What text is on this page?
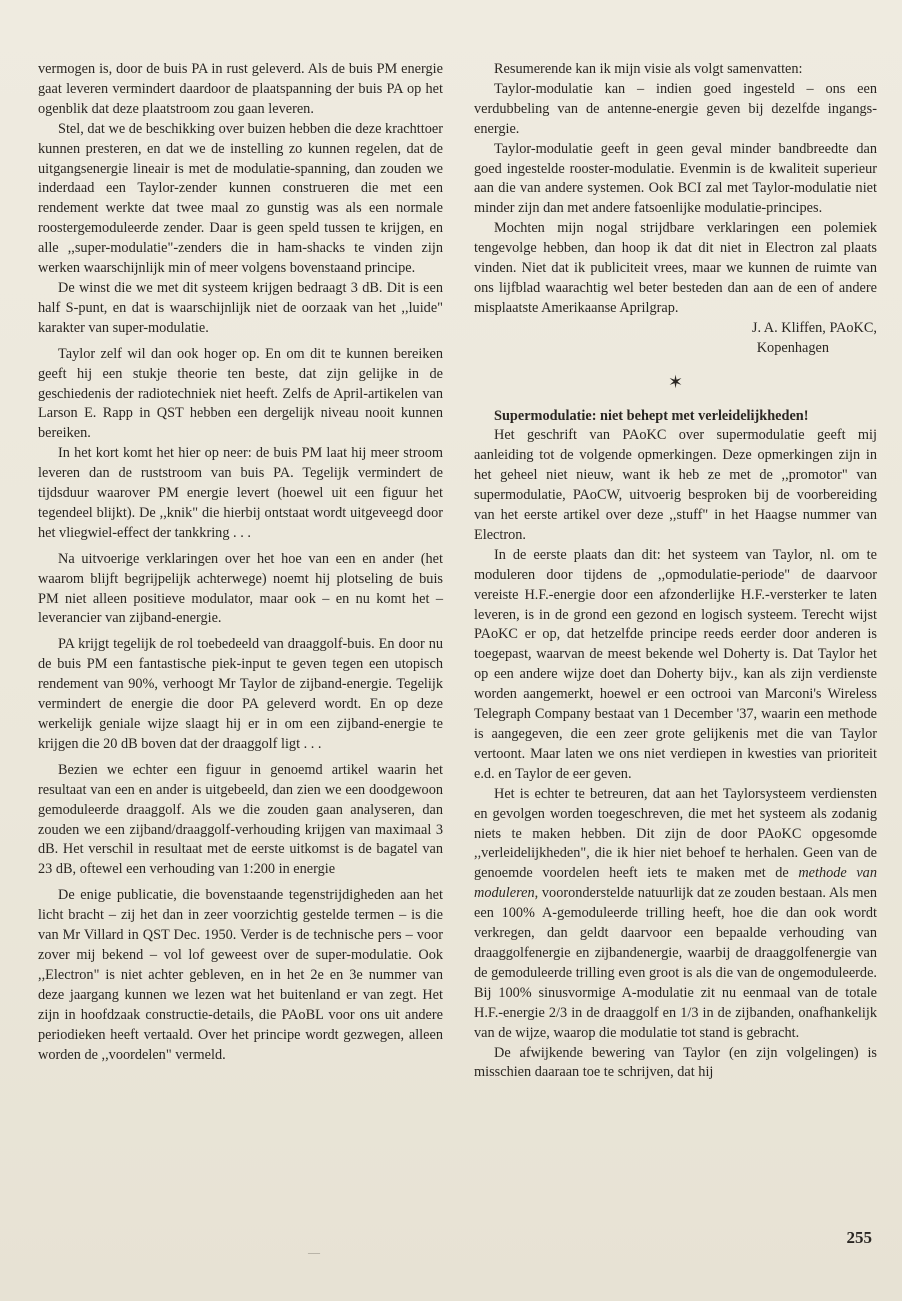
vermogen is, door de buis PA in rust geleverd. Als de buis PM energie gaat leveren vermindert daardoor de plaatspanning der buis PA op het ogenblik dat deze plaatstroom zou gaan leveren.

Stel, dat we de beschikking over buizen hebben die deze krachttoer kunnen presteren, en dat we de instelling zo kunnen regelen, dat de uitgangsenergie lineair is met de modulatie-spanning, dan zouden we inderdaad een Taylor-zender kunnen construeren die met een rendement werkte dat twee maal zo gunstig was als een normale roostergemoduleerde zender. Daar is geen speld tussen te krijgen, en alle ,,super-modulatie"-zenders die in ham-shacks te vinden zijn werken waarschijnlijk min of meer volgens bovenstaand principe.

De winst die we met dit systeem krijgen bedraagt 3 dB. Dit is een half S-punt, en dat is waarschijnlijk niet de oorzaak van het ,,luide" karakter van super-modulatie.

Taylor zelf wil dan ook hoger op. En om dit te kunnen bereiken geeft hij een stukje theorie ten beste, dat zijn gelijke in de geschiedenis der radiotechniek niet heeft. Zelfs de April-artikelen van Larson E. Rapp in QST hebben een dergelijk niveau nooit kunnen bereiken.

In het kort komt het hier op neer: de buis PM laat hij meer stroom leveren dan de ruststroom van buis PA. Tegelijk vermindert de tijdsduur waarover PM energie levert (hoewel uit een figuur het tegendeel blijkt). De ,,knik" die hierbij ontstaat wordt uitgeveegd door het vliegwiel-effect der tankkring . . .

Na uitvoerige verklaringen over het hoe van een en ander (het waarom blijft begrijpelijk achterwege) noemt hij plotseling de buis PM niet alleen positieve modulator, maar ook – en nu komt het – leverancier van zijband-energie.

PA krijgt tegelijk de rol toebedeeld van draaggolf-buis. En door nu de buis PM een fantastische piek-input te geven tegen een utopisch rendement van 90%, verhoogt Mr Taylor de zijband-energie. Tegelijk vermindert de energie die door PA geleverd wordt. En op deze werkelijk geniale wijze slaagt hij er in om een zijband-energie te krijgen die 20 dB boven dat der draaggolf ligt . . .

Bezien we echter een figuur in genoemd artikel waarin het resultaat van een en ander is uitgebeeld, dan zien we een doodgewoon gemoduleerde draaggolf. Als we die zouden gaan analyseren, dan zouden we een zijband/draaggolf-verhouding krijgen van maximaal 3 dB. Het verschil in resultaat met de eerste uitkomst is de bagatel van 23 dB, oftewel een verhouding van 1:200 in energie

De enige publicatie, die bovenstaande tegenstrijdigheden aan het licht bracht – zij het dan in zeer voorzichtig gestelde termen – is die van Mr Villard in QST Dec. 1950. Verder is de technische pers – voor zover mij bekend – vol lof geweest over de super-modulatie. Ook ,,Electron" is niet achter gebleven, en in het 2e en 3e nummer van deze jaargang kunnen we lezen wat het buitenland er van zegt. Het zijn in hoofdzaak constructie-details, die PAoBL voor ons uit andere periodieken heeft vertaald. Over het principe wordt gezwegen, alleen worden de ,,voordelen" vermeld.

Resumerende kan ik mijn visie als volgt samenvatten:

Taylor-modulatie kan – indien goed ingesteld – ons een verdubbeling van de antenne-energie geven bij dezelfde ingangs-energie.

Taylor-modulatie geeft in geen geval minder bandbreedte dan goed ingestelde rooster-modulatie. Evenmin is de kwaliteit superieur aan die van andere systemen. Ook BCI zal met Taylor-modulatie niet minder zijn dan met andere fatsoenlijke modulatie-principes.

Mochten mijn nogal strijdbare verklaringen een polemiek tengevolge hebben, dan hoop ik dat dit niet in Electron zal plaats vinden. Niet dat ik publiciteit vrees, maar we kunnen de ruimte van ons lijfblad waarachtig wel beter besteden dan aan de een of andere misplaatste Amerikaanse Aprilgrap.

J. A. Kliffen, PAoKC,

Kopenhagen

✶

Supermodulatie: niet behept met verleidelijkheden!

Het geschrift van PAoKC over supermodulatie geeft mij aanleiding tot de volgende opmerkingen. Deze opmerkingen zijn in het geheel niet nieuw, want ik heb ze met de ,,promotor" van supermodulatie, PAoCW, uitvoerig besproken bij de voorbereiding van het eerste artikel over deze ,,stuff" in het Haagse nummer van Electron.

In de eerste plaats dan dit: het systeem van Taylor, nl. om te moduleren door tijdens de ,,opmodulatie-periode" de daarvoor vereiste H.F.-energie door een afzonderlijke H.F.-versterker te laten leveren, is in de grond een gezond en logisch systeem. Terecht wijst PAoKC er op, dat hetzelfde principe reeds eerder door anderen is toegepast, waarvan de meest bekende wel Doherty is. Dat Taylor het op een andere wijze doet dan Doherty bijv., kan als zijn verdienste worden aangemerkt, hoewel er een octrooi van Marconi's Wireless Telegraph Company bestaat van 1 December '37, waarin een methode is aangegeven, die een zeer grote gelijkenis met die van Taylor vertoont. Maar laten we ons niet verdiepen in kwesties van prioriteit e.d. en Taylor de eer geven.

Het is echter te betreuren, dat aan het Taylorsysteem verdiensten en gevolgen worden toegeschreven, die met het systeem als zodanig niets te maken hebben. Dit zijn de door PAoKC opgesomde ,,verleidelijkheden", die ik hier niet behoef te herhalen. Geen van de genoemde voordelen heeft iets te maken met de methode van moduleren, vooronderstelde natuurlijk dat ze zouden bestaan. Als men een 100% A-gemoduleerde trilling heeft, hoe die dan ook wordt verkregen, dan geldt daarvoor een bepaalde verhouding van draaggolfenergie en zijbandenergie, waarbij de draaggolfenergie van de gemoduleerde trilling even groot is als die van de ongemoduleerde. Bij 100% sinusvormige A-modulatie zit nu eenmaal van de totale H.F.-energie 2/3 in de draaggolf en 1/3 in de zijbanden, onafhankelijk van de wijze, waarop die modulatie tot stand is gebracht.

De afwijkende bewering van Taylor (en zijn volgelingen) is misschien daaraan toe te schrijven, dat hij

—
255
